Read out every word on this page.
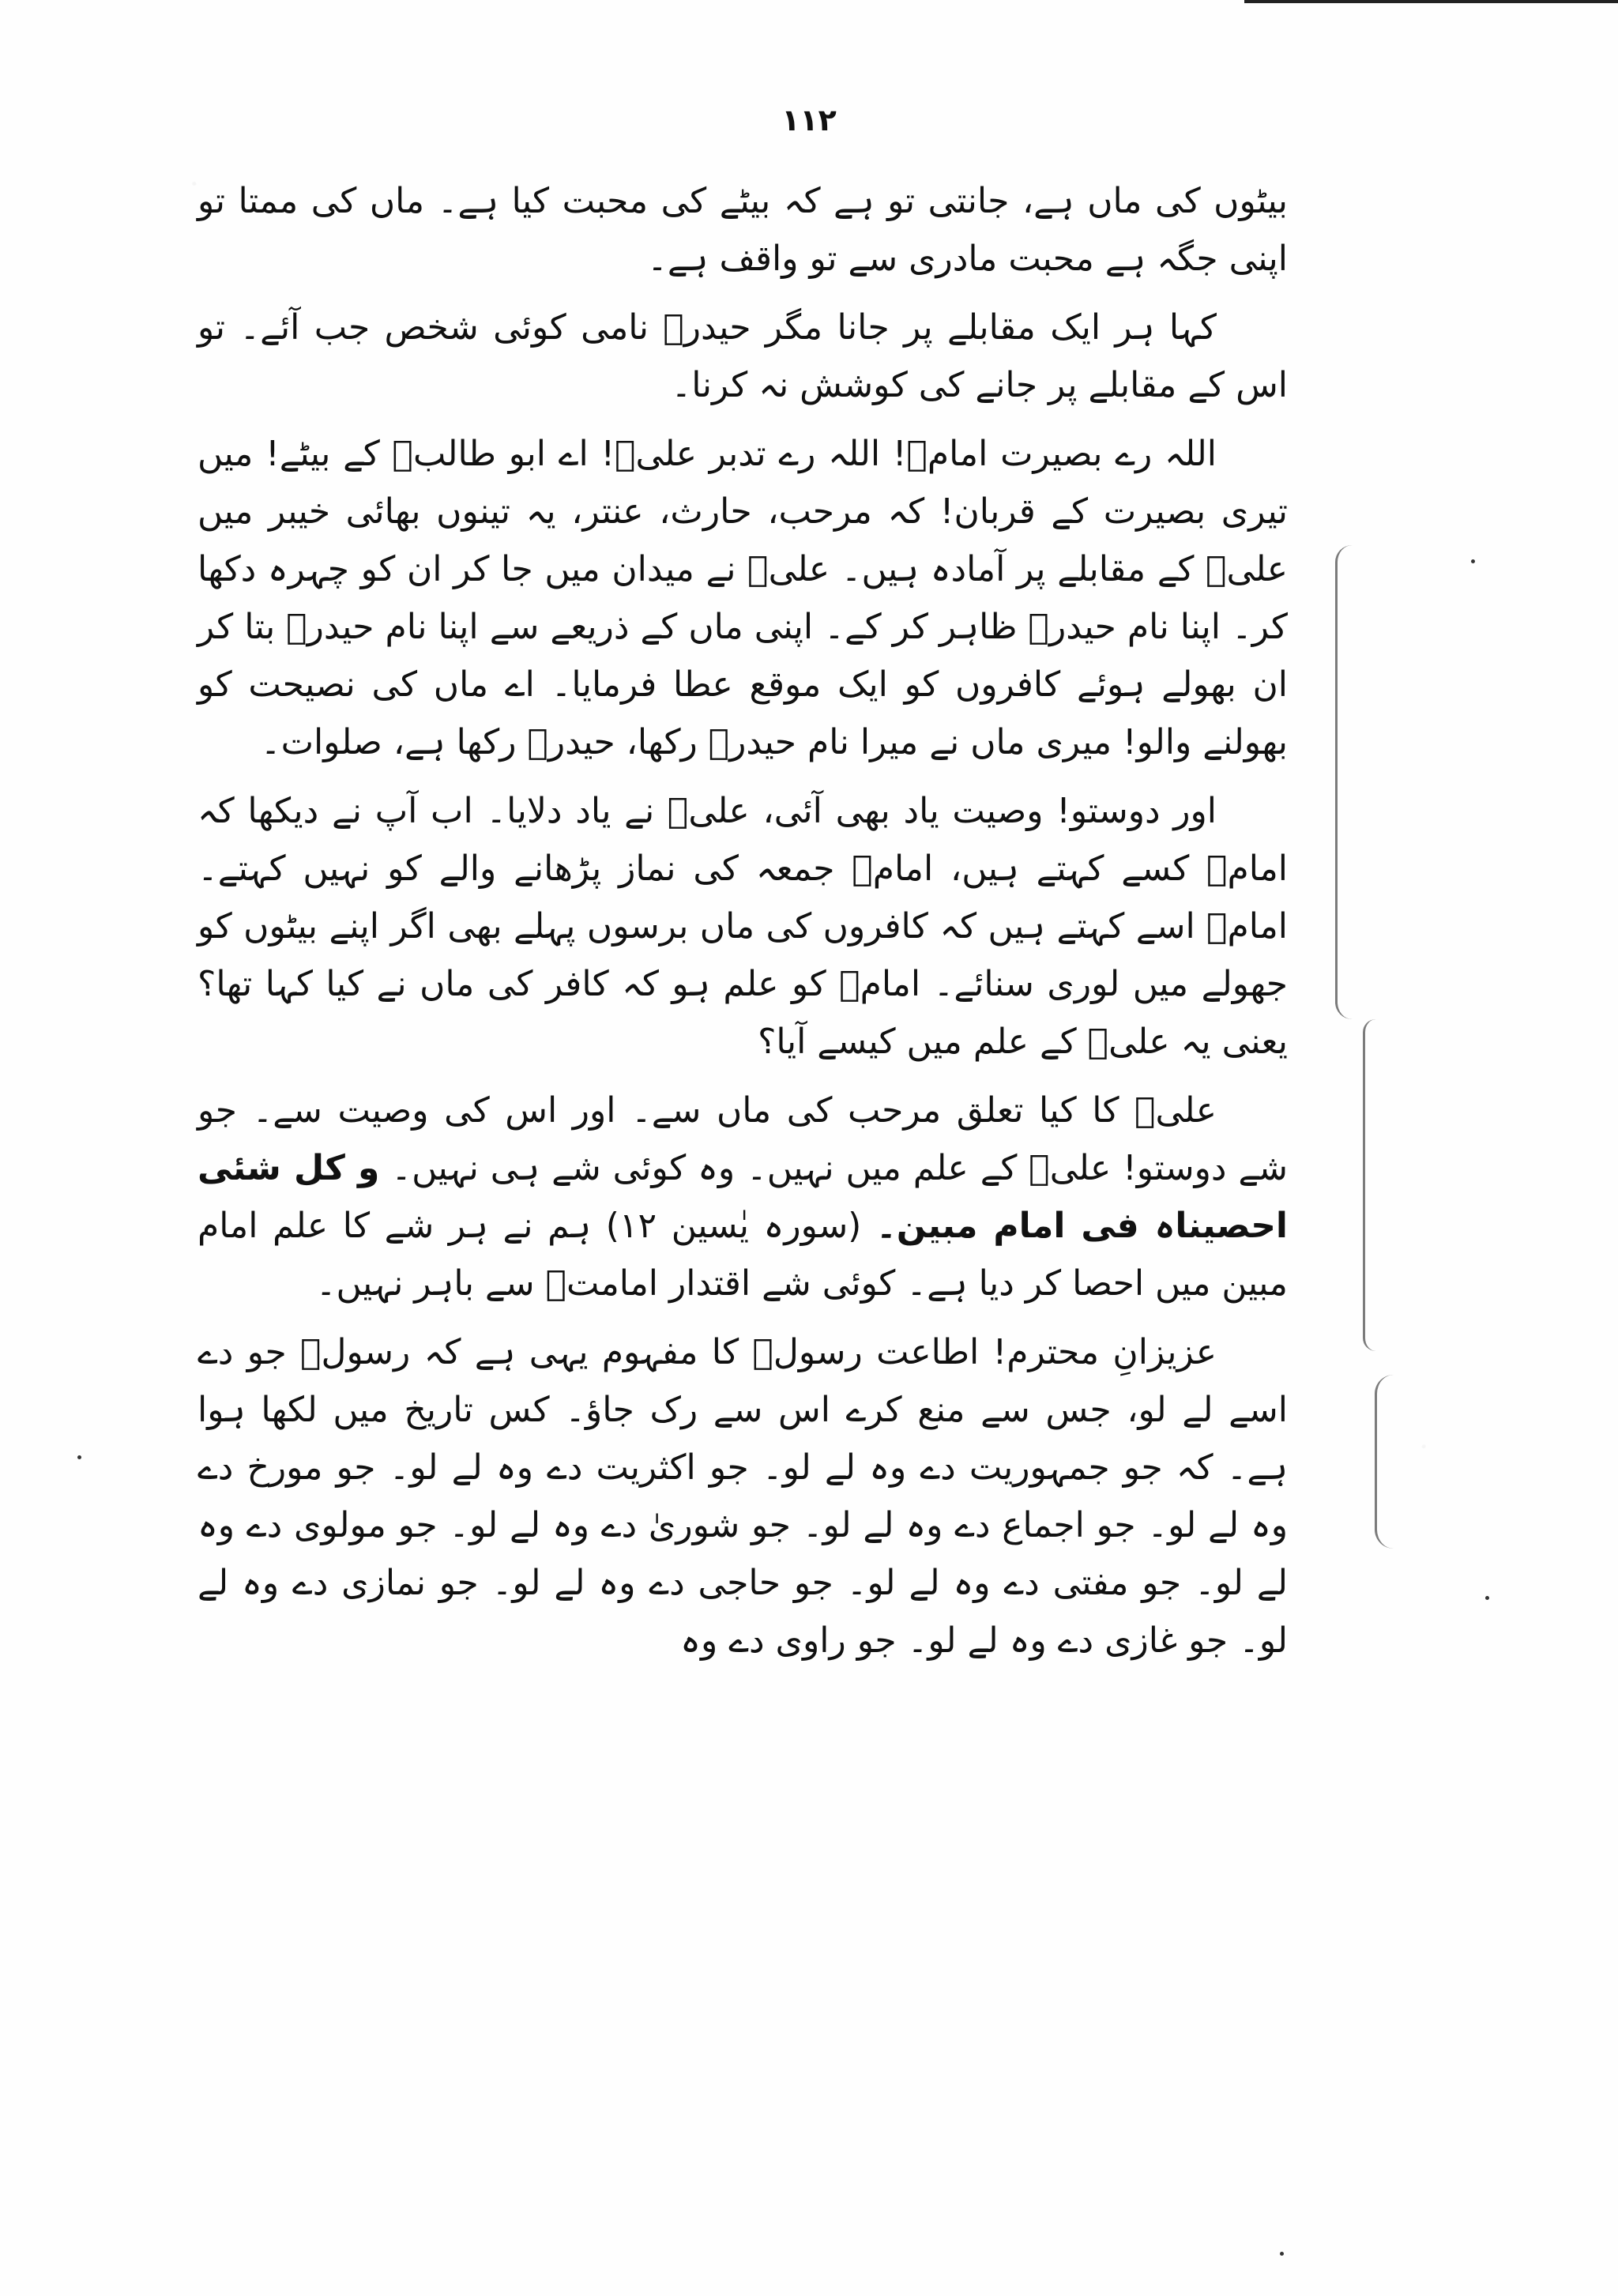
۱۱۲

بیٹوں کی ماں ہے، جانتی تو ہے کہ بیٹے کی محبت کیا ہے۔ ماں کی ممتا تو اپنی جگہ ہے محبت مادری سے تو واقف ہے۔

کہا ہر ایک مقابلے پر جانا مگر حیدرؑ نامی کوئی شخص جب آئے۔ تو اس کے مقابلے پر جانے کی کوشش نہ کرنا۔

اللہ رے بصیرت امامؑ! اللہ رے تدبر علیؑ! اے ابو طالبؑ کے بیٹے! میں تیری بصیرت کے قربان! کہ مرحب، حارث، عنتر، یہ تینوں بھائی خیبر میں علیؑ کے مقابلے پر آمادہ ہیں۔ علیؑ نے میدان میں جا کر ان کو چہرہ دکھا کر۔ اپنا نام حیدرؑ ظاہر کر کے۔ اپنی ماں کے ذریعے سے اپنا نام حیدرؑ بتا کر ان بھولے ہوئے کافروں کو ایک موقع عطا فرمایا۔ اے ماں کی نصیحت کو بھولنے والو! میری ماں نے میرا نام حیدرؑ رکھا، حیدرؑ رکھا ہے، صلوات۔

اور دوستو! وصیت یاد بھی آئی، علیؑ نے یاد دلایا۔ اب آپ نے دیکھا کہ امامؑ کسے کہتے ہیں، امامؑ جمعہ کی نماز پڑھانے والے کو نہیں کہتے۔ امامؑ اسے کہتے ہیں کہ کافروں کی ماں برسوں پہلے بھی اگر اپنے بیٹوں کو جھولے میں لوری سنائے۔ امامؑ کو علم ہو کہ کافر کی ماں نے کیا کہا تھا؟ یعنی یہ علیؑ کے علم میں کیسے آیا؟

علیؑ کا کیا تعلق مرحب کی ماں سے۔ اور اس کی وصیت سے۔ جو شے دوستو! علیؑ کے علم میں نہیں۔ وہ کوئی شے ہی نہیں۔ و کل شئی احصیناہ فی امام مبین۔ (سورہ یٰسین ۱۲) ہم نے ہر شے کا علم امام مبین میں احصا کر دیا ہے۔ کوئی شے اقتدار امامتؑ سے باہر نہیں۔

عزیزانِ محترم! اطاعت رسولؐ کا مفہوم یہی ہے کہ رسولؐ جو دے اسے لے لو، جس سے منع کرے اس سے رک جاؤ۔ کس تاریخ میں لکھا ہوا ہے۔ کہ جو جمہوریت دے وہ لے لو۔ جو اکثریت دے وہ لے لو۔ جو مورخ دے وہ لے لو۔ جو اجماع دے وہ لے لو۔ جو شوریٰ دے وہ لے لو۔ جو مولوی دے وہ لے لو۔ جو مفتی دے وہ لے لو۔ جو حاجی دے وہ لے لو۔ جو نمازی دے وہ لے لو۔ جو غازی دے وہ لے لو۔ جو راوی دے وہ
